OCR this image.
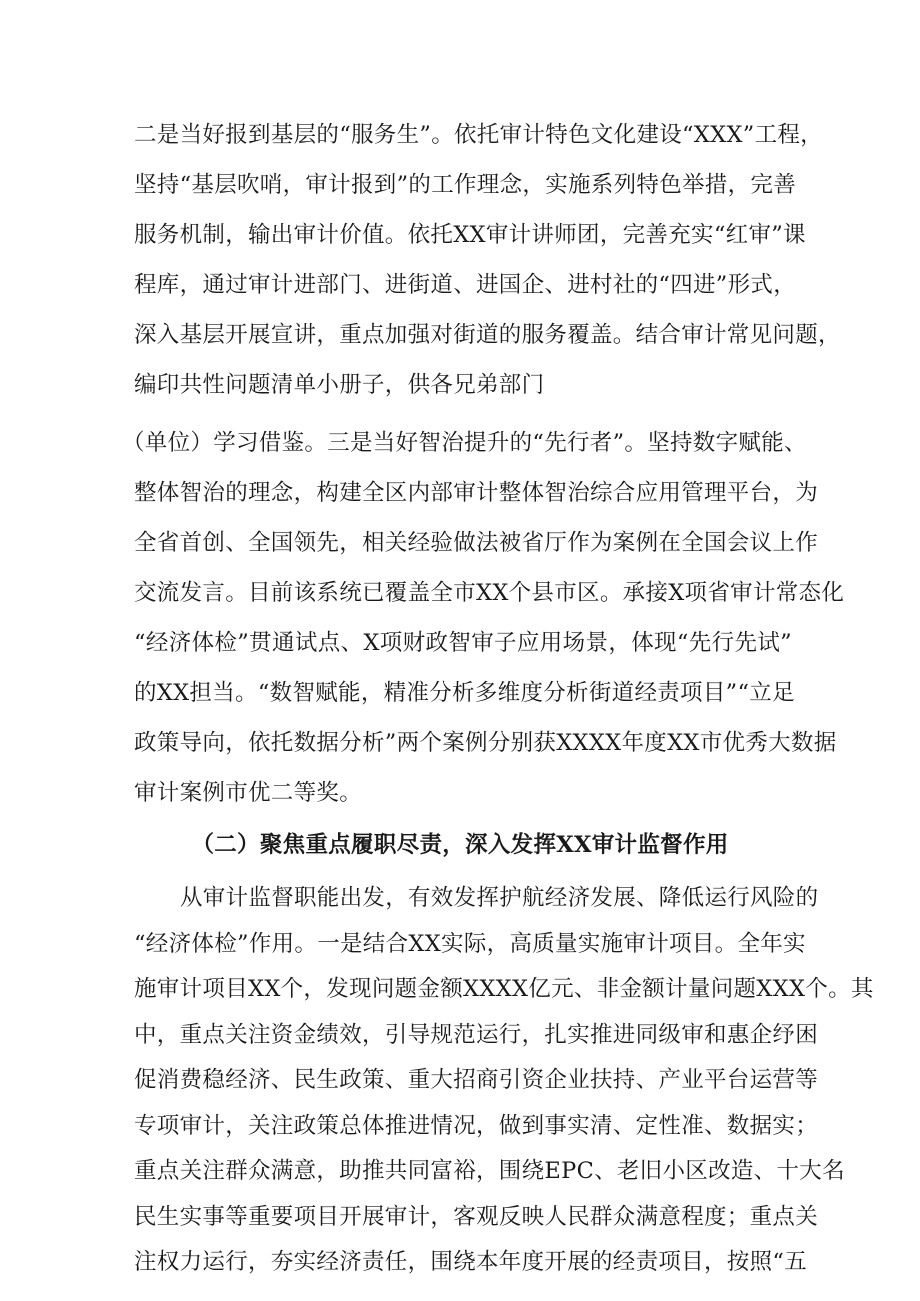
二是当好报到基层的“服务生”。依托审计特色文化建设“XXX”工程，
坚持“基层吹哨，审计报到”的工作理念，实施系列特色举措，完善
服务机制，输出审计价值。依托XX审计讲师团，完善充实“红审”课
程库，通过审计进部门、进街道、进国企、进村社的“四进”形式，
深入基层开展宣讲，重点加强对街道的服务覆盖。结合审计常见问题，
编印共性问题清单小册子，供各兄弟部门
（单位）学习借鉴。三是当好智治提升的“先行者”。坚持数字赋能、
整体智治的理念，构建全区内部审计整体智治综合应用管理平台，为
全省首创、全国领先，相关经验做法被省厅作为案例在全国会议上作
交流发言。目前该系统已覆盖全市XX个县市区。承接X项省审计常态化
“经济体检”贯通试点、X项财政智审子应用场景，体现“先行先试”
的XX担当。“数智赋能，精准分析多维度分析街道经责项目”“立足
政策导向，依托数据分析”两个案例分别获XXXX年度XX市优秀大数据
审计案例市优二等奖。
（二）聚焦重点履职尽责，深入发挥XX审计监督作用
从审计监督职能出发，有效发挥护航经济发展、降低运行风险的
“经济体检”作用。一是结合XX实际，高质量实施审计项目。全年实
施审计项目XX个，发现问题金额XXXX亿元、非金额计量问题XXX个。其
中，重点关注资金绩效，引导规范运行，扎实推进同级审和惠企纾困
促消费稳经济、民生政策、重大招商引资企业扶持、产业平台运营等
专项审计，关注政策总体推进情况，做到事实清、定性准、数据实；
重点关注群众满意，助推共同富裕，围绕EPC、老旧小区改造、十大名
民生实事等重要项目开展审计，客观反映人民群众满意程度；重点关
注权力运行，夯实经济责任，围绕本年度开展的经责项目，按照“五
